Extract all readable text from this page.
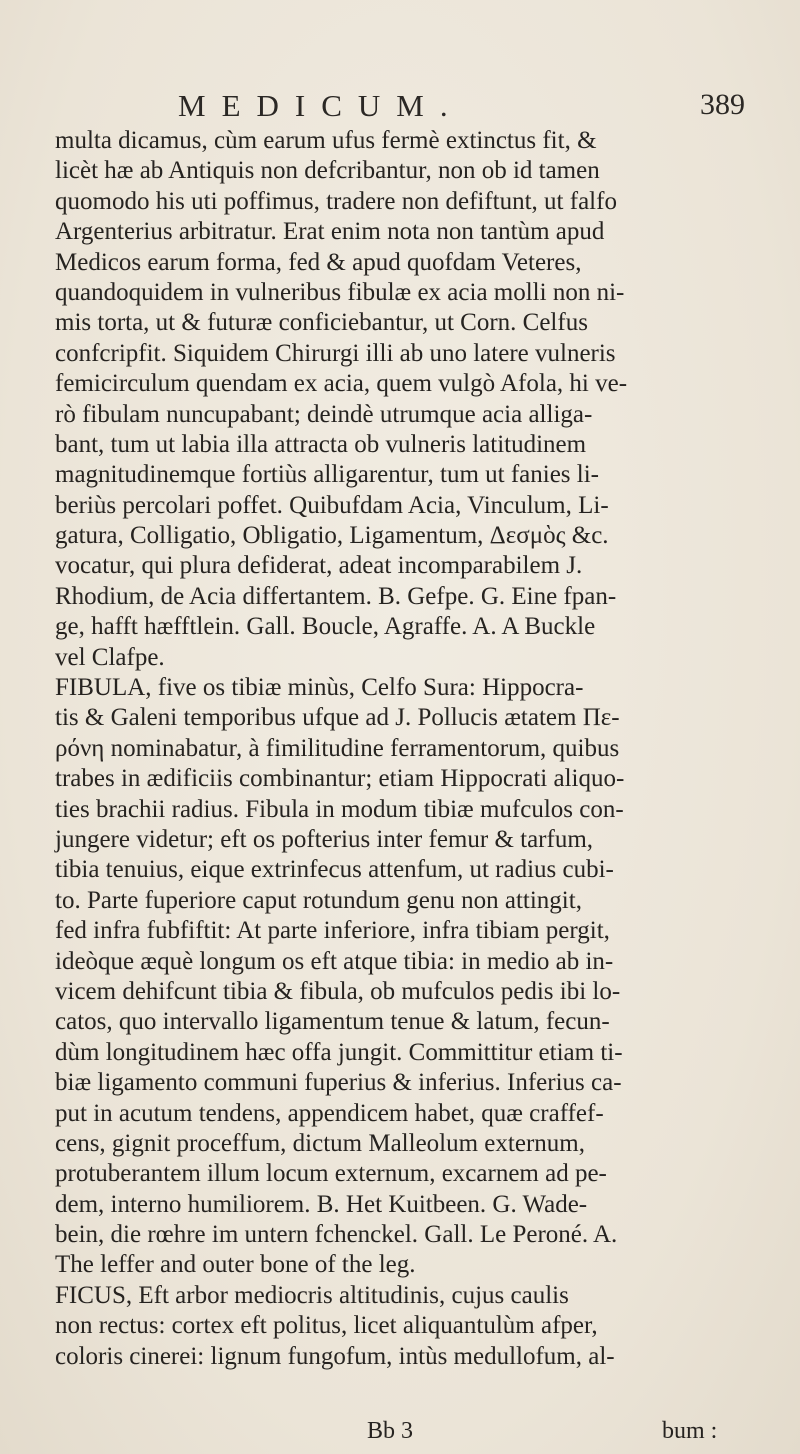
MEDICUM.	389
multa dicamus, cùm earum ufus fermè extinctus fit, &
licèt hæ ab Antiquis non defcribantur, non ob id tamen
quomodo his uti poffimus, tradere non defiftunt, ut falfo
Argenterius arbitratur. Erat enim nota non tantùm apud
Medicos earum forma, fed & apud quofdam Veteres,
quandoquidem in vulneribus fibulæ ex acia molli non ni-
mis torta, ut & futuræ conficiebantur, ut Corn. Celfus
confcripfit. Siquidem Chirurgi illi ab uno latere vulneris
femicirculum quendam ex acia, quem vulgò Afola, hi ve-
rò fibulam nuncupabant; deindè utrumque acia alliga-
bant, tum ut labia illa attracta ob vulneris latitudinem
magnitudinemque fortiùs alligarentur, tum ut fanies li-
beriùs percolari poffet. Quibufdam Acia, Vinculum, Li-
gatura, Colligatio, Obligatio, Ligamentum, Δεσμὸς &c.
vocatur, qui plura defiderat, adeat incomparabilem J.
Rhodium, de Acia differtantem. B. Gefpe. G. Eine fpan-
ge, hafft hæfftlein. Gall. Boucle, Agraffe. A. A Buckle
vel Clafpe.
FIBULA, five os tibiæ minùs, Celfo Sura: Hippocra-
tis & Galeni temporibus ufque ad J. Pollucis ætatem Πε-
ρόνη nominabatur, à fimilitudine ferramentorum, quibus
trabes in ædificiis combinantur; etiam Hippocrati aliquo-
ties brachii radius. Fibula in modum tibiæ mufculos con-
jungere videtur; eft os pofterius inter femur & tarfum,
tibia tenuius, eique extrinfecus attenfum, ut radius cubi-
to. Parte fuperiore caput rotundum genu non attingit,
fed infra fubfiftit: At parte inferiore, infra tibiam pergit,
ideòque æquè longum os eft atque tibia: in medio ab in-
vicem dehifcunt tibia & fibula, ob mufculos pedis ibi lo-
catos, quo intervallo ligamentum tenue & latum, fecun-
dùm longitudinem hæc offa jungit. Committitur etiam ti-
biæ ligamento communi fuperius & inferius. Inferius ca-
put in acutum tendens, appendicem habet, quæ craffef-
cens, gignit proceffum, dictum Malleolum externum,
protuberantem illum locum externum, excarnem ad pe-
dem, interno humiliorem. B. Het Kuitbeen. G. Wade-
bein, die rœhre im untern fchenckel. Gall. Le Peroné. A.
The leffer and outer bone of the leg.
FICUS, Eft arbor mediocris altitudinis, cujus caulis
non rectus: cortex eft politus, licet aliquantulùm afper,
coloris cinerei: lignum fungofum, intùs medullofum, al-
Bb 3	bum :
